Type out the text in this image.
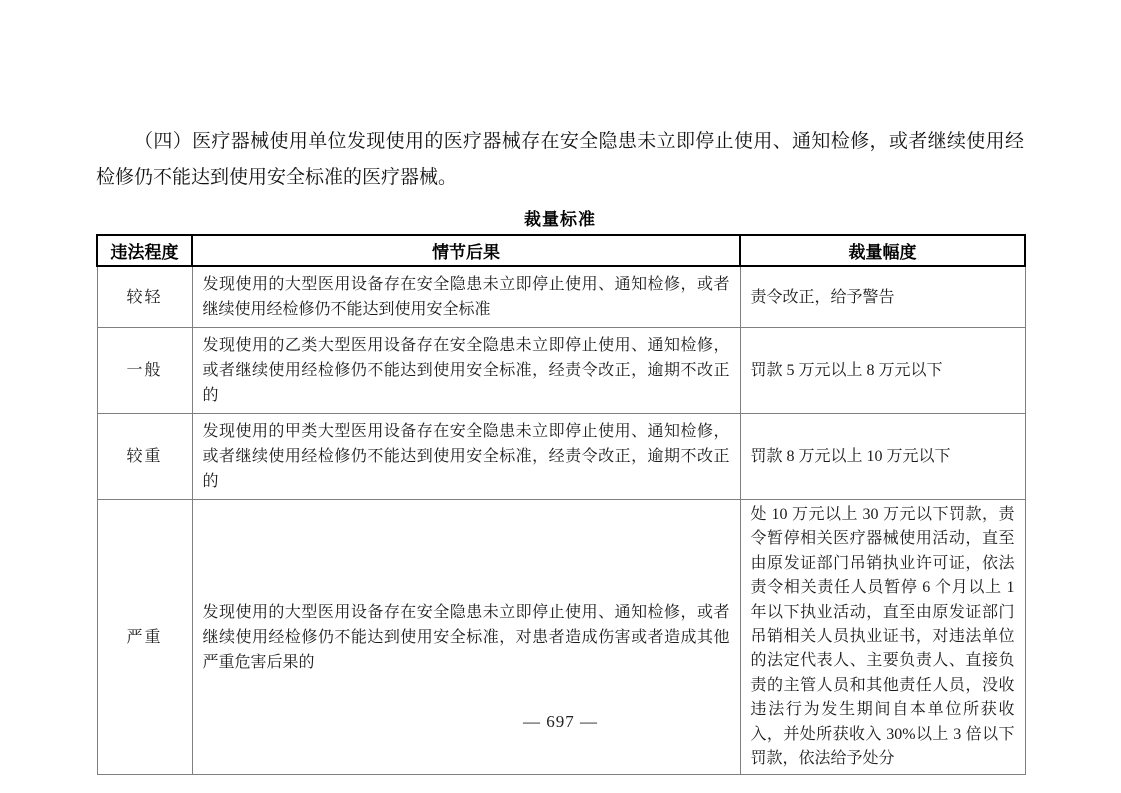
（四）医疗器械使用单位发现使用的医疗器械存在安全隐患未立即停止使用、通知检修，或者继续使用经检修仍不能达到使用安全标准的医疗器械。

裁量标准
违法程度	情节后果	裁量幅度
较轻	发现使用的大型医用设备存在安全隐患未立即停止使用、通知检修，或者继续使用经检修仍不能达到使用安全标准	责令改正，给予警告
一般	发现使用的乙类大型医用设备存在安全隐患未立即停止使用、通知检修，或者继续使用经检修仍不能达到使用安全标准，经责令改正，逾期不改正的	罚款 5 万元以上 8 万元以下
较重	发现使用的甲类大型医用设备存在安全隐患未立即停止使用、通知检修，或者继续使用经检修仍不能达到使用安全标准，经责令改正，逾期不改正的	罚款 8 万元以上 10 万元以下
严重	发现使用的大型医用设备存在安全隐患未立即停止使用、通知检修，或者继续使用经检修仍不能达到使用安全标准，对患者造成伤害或者造成其他严重危害后果的	处 10 万元以上 30 万元以下罚款，责令暂停相关医疗器械使用活动，直至由原发证部门吊销执业许可证，依法责令相关责任人员暂停 6 个月以上 1 年以下执业活动，直至由原发证部门吊销相关人员执业证书，对违法单位的法定代表人、主要负责人、直接负责的主管人员和其他责任人员，没收违法行为发生期间自本单位所获收入，并处所获收入 30%以上 3 倍以下罚款，依法给予处分
— 697 —
